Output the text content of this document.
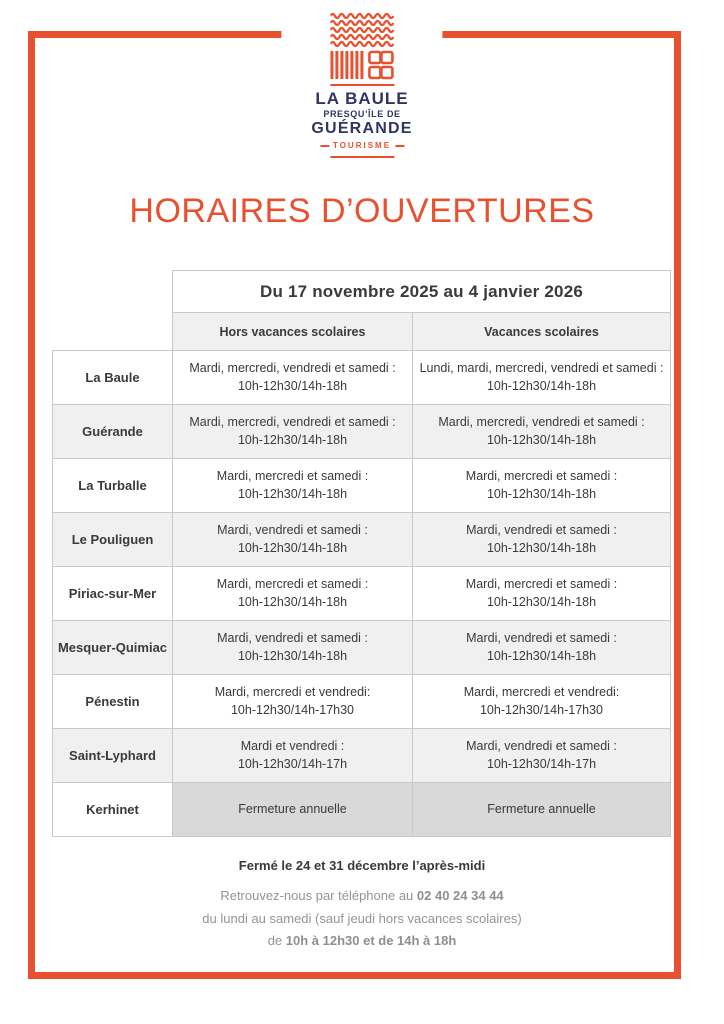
LA BAULE
PRESQU’ÎLE DE
GUÉRANDE
TOURISME
HORAIRES D’OUVERTURES
	Du 17 novembre 2025 au 4 janvier 2026	
	Hors vacances scolaires	Vacances scolaires
La Baule	Mardi, mercredi, vendredi et samedi :
10h-12h30/14h-18h	Lundi, mardi, mercredi, vendredi et samedi :
10h-12h30/14h-18h

Guérande	Mardi, mercredi, vendredi et samedi :
10h-12h30/14h-18h	Mardi, mercredi, vendredi et samedi :
10h-12h30/14h-18h

La Turballe	Mardi, mercredi et samedi :
10h-12h30/14h-18h	Mardi, mercredi et samedi :
10h-12h30/14h-18h

Le Pouliguen	Mardi, vendredi et samedi :
10h-12h30/14h-18h	Mardi, vendredi et samedi :
10h-12h30/14h-18h

Piriac-sur-Mer	Mardi, mercredi et samedi :
10h-12h30/14h-18h	Mardi, mercredi et samedi :
10h-12h30/14h-18h

Mesquer-Quimiac	Mardi, vendredi et samedi :
10h-12h30/14h-18h	Mardi, vendredi et samedi :
10h-12h30/14h-18h

Pénestin	Mardi, mercredi et vendredi:
10h-12h30/14h-17h30	Mardi, mercredi et vendredi:
10h-12h30/14h-17h30

Saint-Lyphard	Mardi et vendredi :
10h-12h30/14h-17h	Mardi, vendredi et samedi :
10h-12h30/14h-17h

Kerhinet	Fermeture annuelle	Fermeture annuelle

Fermé le 24 et 31 décembre l’après-midi

Retrouvez-nous par téléphone au 02 40 24 34 44

du lundi au samedi (sauf jeudi hors vacances scolaires)

de 10h à 12h30 et de 14h à 18h
